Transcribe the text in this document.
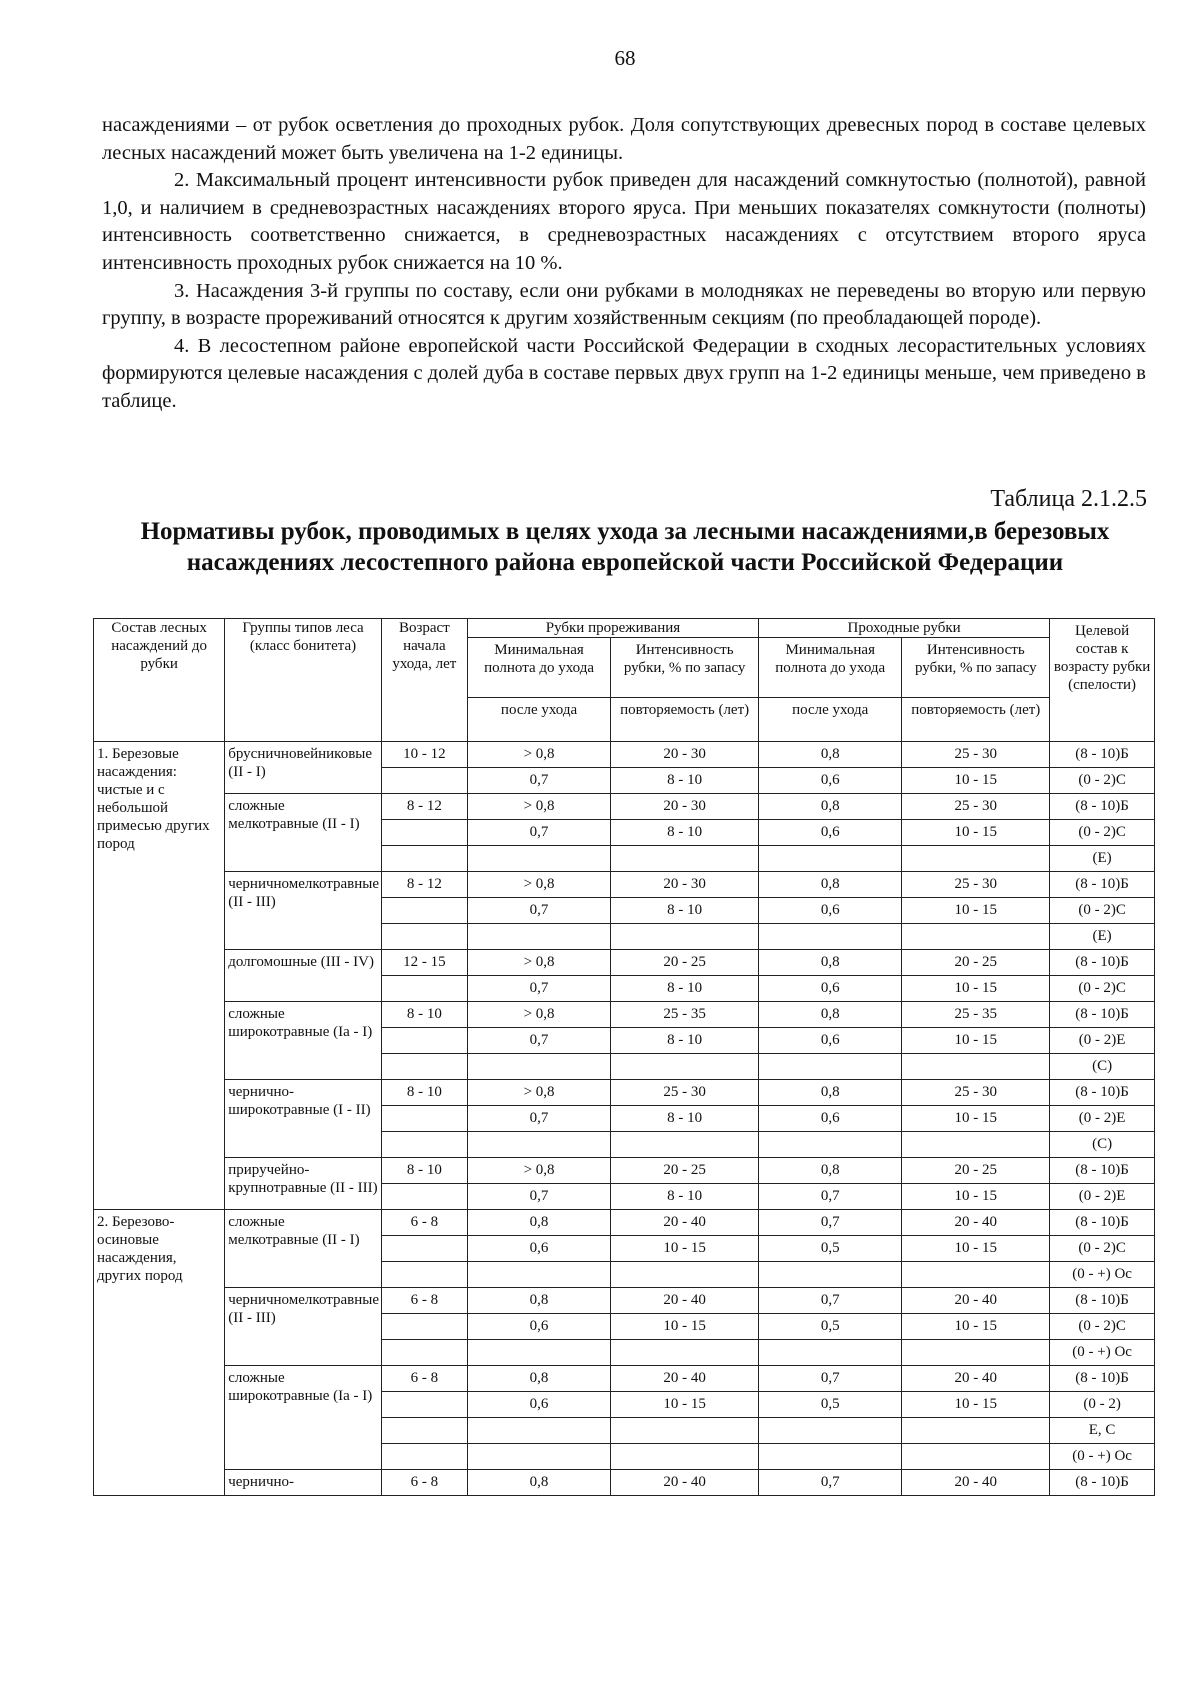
68

насаждениями – от рубок осветления до проходных рубок. Доля сопутствующих древесных пород в составе целевых лесных насаждений может быть увеличена на 1-2 единицы.

2. Максимальный процент интенсивности рубок приведен для насаждений сомкнутостью (полнотой), равной 1,0, и наличием в средневозрастных насаждениях второго яруса. При меньших показателях сомкнутости (полноты) интенсивность соответственно снижается, в средневозрастных насаждениях с отсутствием второго яруса интенсивность проходных рубок снижается на 10 %.

3. Насаждения 3-й группы по составу, если они рубками в молодняках не переведены во вторую или первую группу, в возрасте прореживаний относятся к другим хозяйственным секциям (по преобладающей породе).

4. В лесостепном районе европейской части Российской Федерации в сходных лесорастительных условиях формируются целевые насаждения с долей дуба в составе первых двух групп на 1-2 единицы меньше, чем приведено в таблице.

Таблица 2.1.2.5
Нормативы рубок, проводимых в целях ухода за лесными насаждениями,в березовых насаждениях лесостепного района европейской части Российской Федерации
Состав лесных насаждений до рубки	Группы типов леса (класс бонитета)	Возраст начала ухода, лет	Рубки прореживания		Проходные рубки		Целевой состав к возрасту рубки (спелости)
			Минимальная полнота до ухода	Интенсивность рубки, % по запасу	Минимальная полнота до ухода	Интенсивность рубки, % по запасу	
			после ухода	повторяемость (лет)	после ухода	повторяемость (лет)	
1. Березовые насаждения: чистые и с небольшой примесью других пород	брусничновейниковые (II - I)	10 - 12	> 0,8	20 - 30	0,8	25 - 30	(8 - 10)Б
			0,7	8 - 10	0,6	10 - 15	(0 - 2)С
	сложные мелкотравные (II - I)	8 - 12	> 0,8	20 - 30	0,8	25 - 30	(8 - 10)Б
			0,7	8 - 10	0,6	10 - 15	(0 - 2)С
							(Е)
	черничномелкотравные (II - III)	8 - 12	> 0,8	20 - 30	0,8	25 - 30	(8 - 10)Б
			0,7	8 - 10	0,6	10 - 15	(0 - 2)С
							(Е)
	долгомошные (III - IV)	12 - 15	> 0,8	20 - 25	0,8	20 - 25	(8 - 10)Б
			0,7	8 - 10	0,6	10 - 15	(0 - 2)С
	сложные широкотравные (Ia - I)	8 - 10	> 0,8	25 - 35	0,8	25 - 35	(8 - 10)Б
			0,7	8 - 10	0,6	10 - 15	(0 - 2)Е
							(С)
	чернично-широкотравные (I - II)	8 - 10	> 0,8	25 - 30	0,8	25 - 30	(8 - 10)Б
			0,7	8 - 10	0,6	10 - 15	(0 - 2)Е
							(С)
	приручейно-крупнотравные (II - III)	8 - 10	> 0,8	20 - 25	0,8	20 - 25	(8 - 10)Б
			0,7	8 - 10	0,7	10 - 15	(0 - 2)Е
2. Березово-осиновые насаждения, других пород	сложные мелкотравные (II - I)	6 - 8	0,8	20 - 40	0,7	20 - 40	(8 - 10)Б
			0,6	10 - 15	0,5	10 - 15	(0 - 2)С
							(0 - +) Ос
	черничномелкотравные (II - III)	6 - 8	0,8	20 - 40	0,7	20 - 40	(8 - 10)Б
			0,6	10 - 15	0,5	10 - 15	(0 - 2)С
							(0 - +) Ос
	сложные широкотравные (Ia - I)	6 - 8	0,8	20 - 40	0,7	20 - 40	(8 - 10)Б
			0,6	10 - 15	0,5	10 - 15	(0 - 2)
							Е, С
							(0 - +) Ос
	чернично-	6 - 8	0,8	20 - 40	0,7	20 - 40	(8 - 10)Б
